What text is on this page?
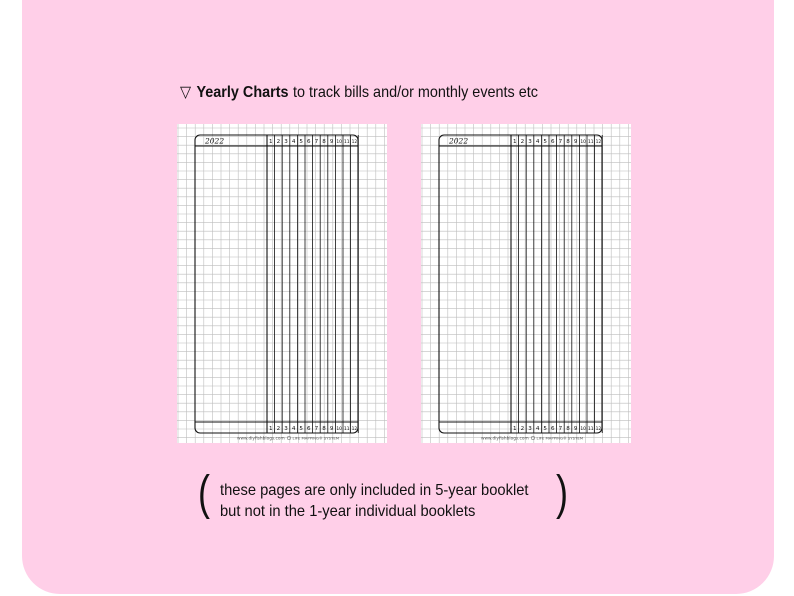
▽ Yearly Charts to track bills and/or monthly events etc
2022	1
1
2
2
3
3
4
4
5
5
6
6
7
7
8
8
9
9
10
10
11
11
12
12
www.diyfishblogs.com LIFE MAPPING® SYSTEM
2022	1
1
2
2
3
3
4
4
5
5
6
6
7
7
8
8
9
9
10
10
11
11
12
12
www.diyfishblogs.com LIFE MAPPING® SYSTEM
( these pages are only included in 5-year booklet
but not in the 1-year individual booklets	)
